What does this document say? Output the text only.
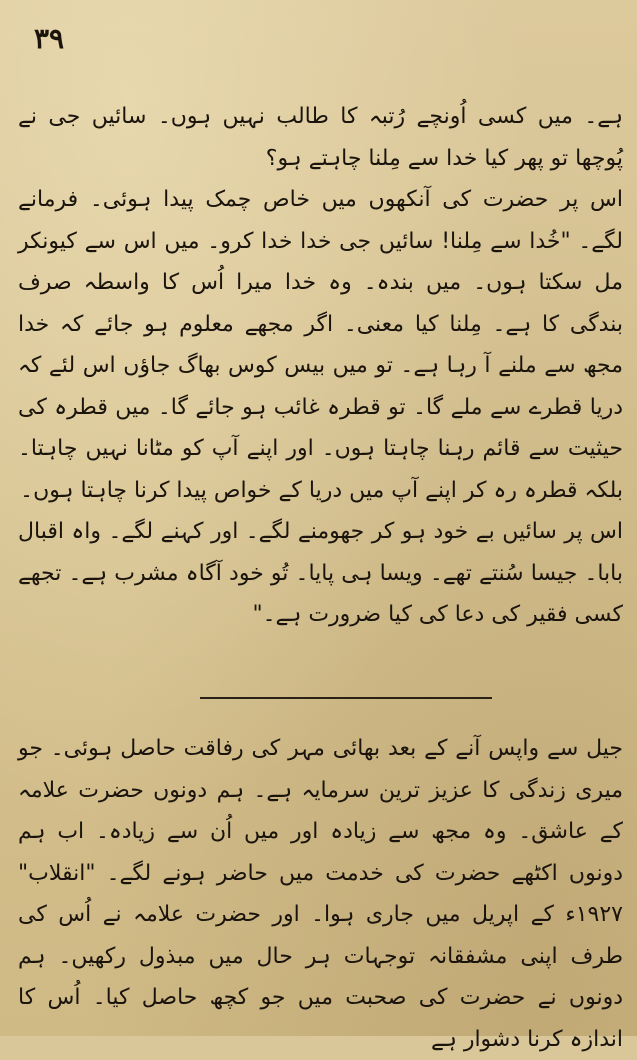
۳۹

ہے۔ میں کسی اُونچے رُتبہ کا طالب نہیں ہوں۔ سائیں جی نے پُوچھا تو پھر کیا خدا سے مِلنا چاہتے ہو؟

اس پر حضرت کی آنکھوں میں خاص چمک پیدا ہوئی۔ فرمانے لگے۔ "خُدا سے مِلنا! سائیں جی خدا خدا کرو۔ میں اس سے کیونکر مل سکتا ہوں۔ میں بندہ۔ وہ خدا میرا اُس کا واسطہ صرف بندگی کا ہے۔ مِلنا کیا معنی۔ اگر مجھے معلوم ہو جائے کہ خدا مجھ سے ملنے آ رہا ہے۔ تو میں بیس کوس بھاگ جاؤں اس لئے کہ دریا قطرے سے ملے گا۔ تو قطرہ غائب ہو جائے گا۔ میں قطرہ کی حیثیت سے قائم رہنا چاہتا ہوں۔ اور اپنے آپ کو مٹانا نہیں چاہتا۔ بلکہ قطرہ رہ کر اپنے آپ میں دریا کے خواص پیدا کرنا چاہتا ہوں۔

اس پر سائیں بے خود ہو کر جھومنے لگے۔ اور کہنے لگے۔ واہ اقبال بابا۔ جیسا سُنتے تھے۔ ویسا ہی پایا۔ تُو خود آگاہ مشرب ہے۔ تجھے کسی فقیر کی دعا کی کیا ضرورت ہے۔"

جیل سے واپس آنے کے بعد بھائی مہر کی رفاقت حاصل ہوئی۔ جو میری زندگی کا عزیز ترین سرمایہ ہے۔ ہم دونوں حضرت علامہ کے عاشق۔ وہ مجھ سے زیادہ اور میں اُن سے زیادہ۔ اب ہم دونوں اکٹھے حضرت کی خدمت میں حاضر ہونے لگے۔ "انقلاب" ۱۹۲۷ء کے اپریل میں جاری ہوا۔ اور حضرت علامہ نے اُس کی طرف اپنی مشفقانہ توجہات ہر حال میں مبذول رکھیں۔ ہم دونوں نے حضرت کی صحبت میں جو کچھ حاصل کیا۔ اُس کا اندازہ کرنا دشوار ہے
